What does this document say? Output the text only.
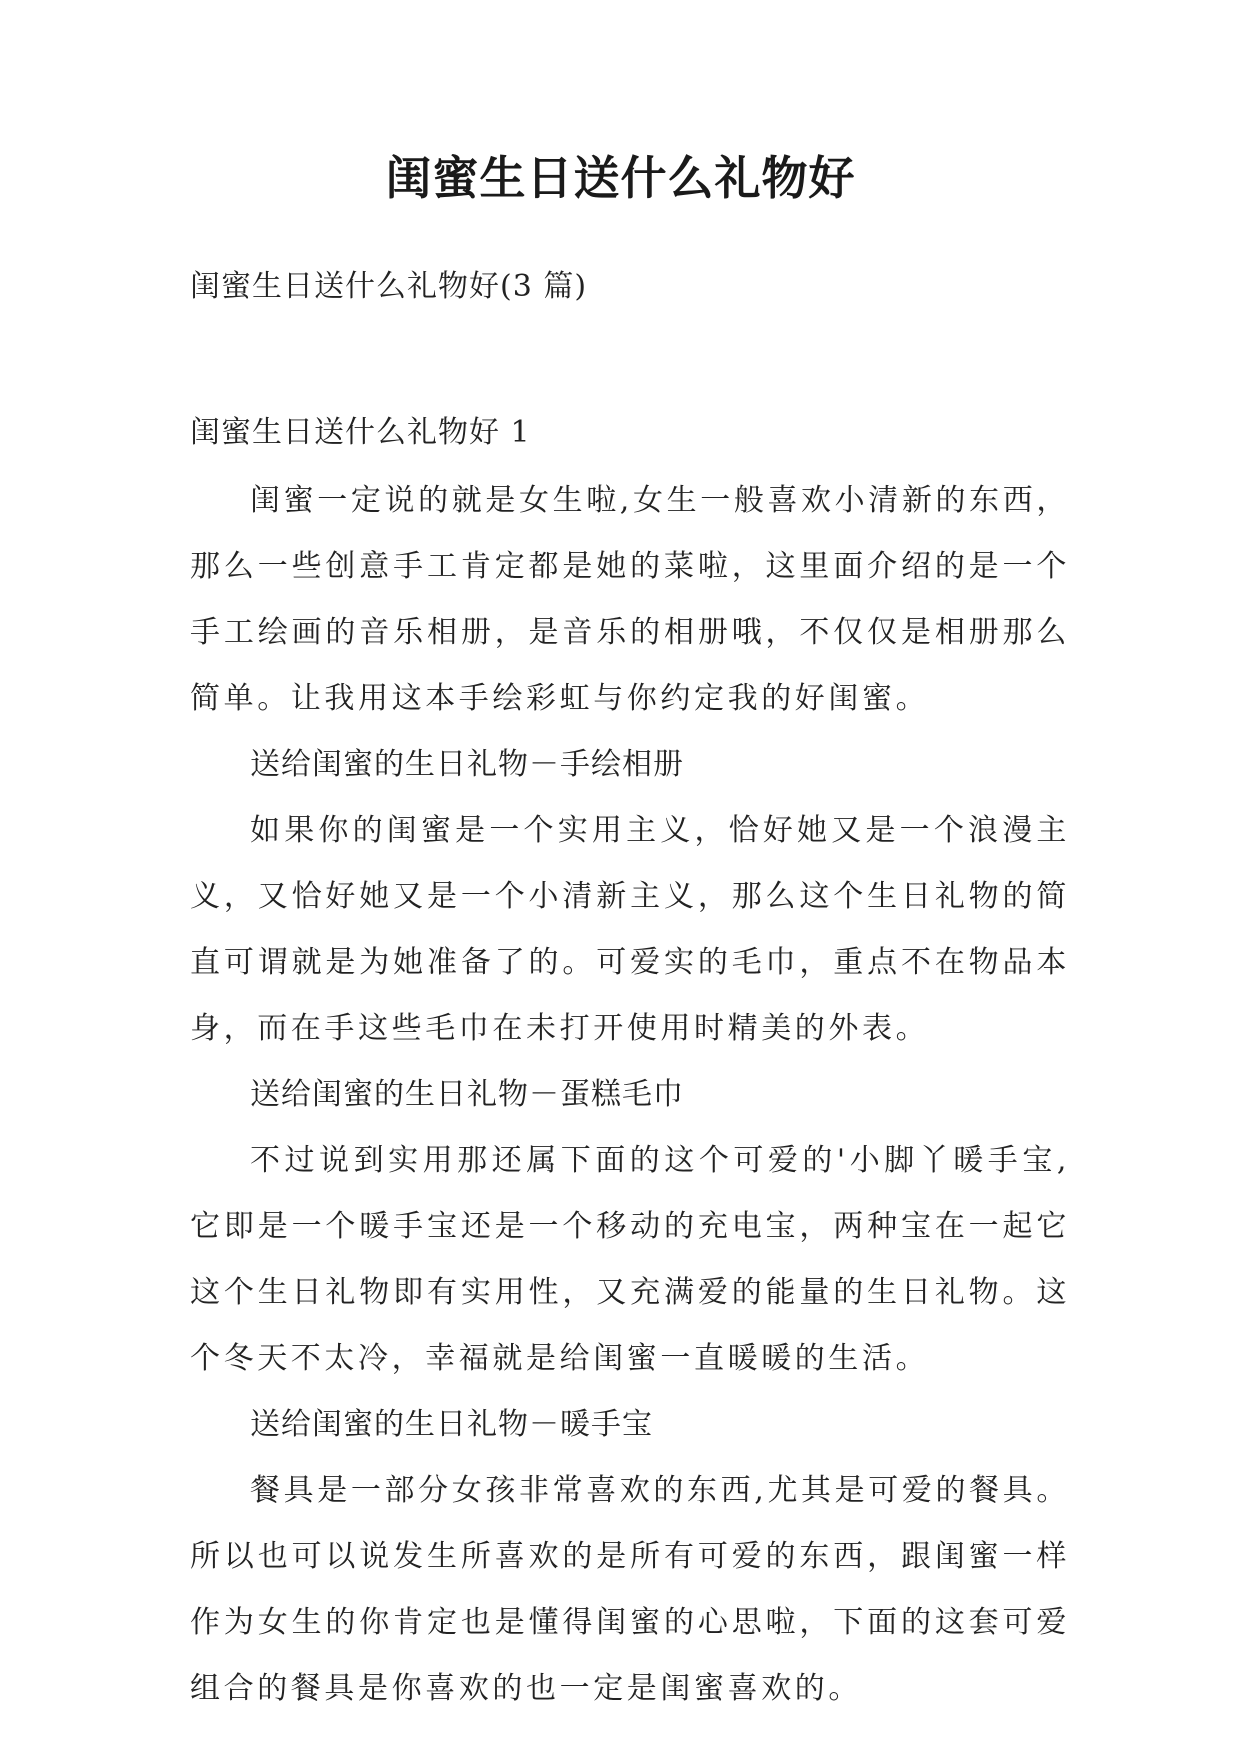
闺蜜生日送什么礼物好
闺蜜生日送什么礼物好(3 篇)
闺蜜生日送什么礼物好 1

闺蜜一定说的就是女生啦,女生一般喜欢小清新的东西，那么一些创意手工肯定都是她的菜啦，这里面介绍的是一个手工绘画的音乐相册，是音乐的相册哦，不仅仅是相册那么简单。让我用这本手绘彩虹与你约定我的好闺蜜。

送给闺蜜的生日礼物－手绘相册

如果你的闺蜜是一个实用主义，恰好她又是一个浪漫主义，又恰好她又是一个小清新主义，那么这个生日礼物的简直可谓就是为她准备了的。可爱实的毛巾，重点不在物品本身，而在手这些毛巾在未打开使用时精美的外表。

送给闺蜜的生日礼物－蛋糕毛巾

不过说到实用那还属下面的这个可爱的'小脚丫暖手宝,它即是一个暖手宝还是一个移动的充电宝，两种宝在一起它这个生日礼物即有实用性，又充满爱的能量的生日礼物。这个冬天不太冷，幸福就是给闺蜜一直暖暖的生活。

送给闺蜜的生日礼物－暖手宝

餐具是一部分女孩非常喜欢的东西,尤其是可爱的餐具。所以也可以说发生所喜欢的是所有可爱的东西，跟闺蜜一样作为女生的你肯定也是懂得闺蜜的心思啦，下面的这套可爱组合的餐具是你喜欢的也一定是闺蜜喜欢的。
